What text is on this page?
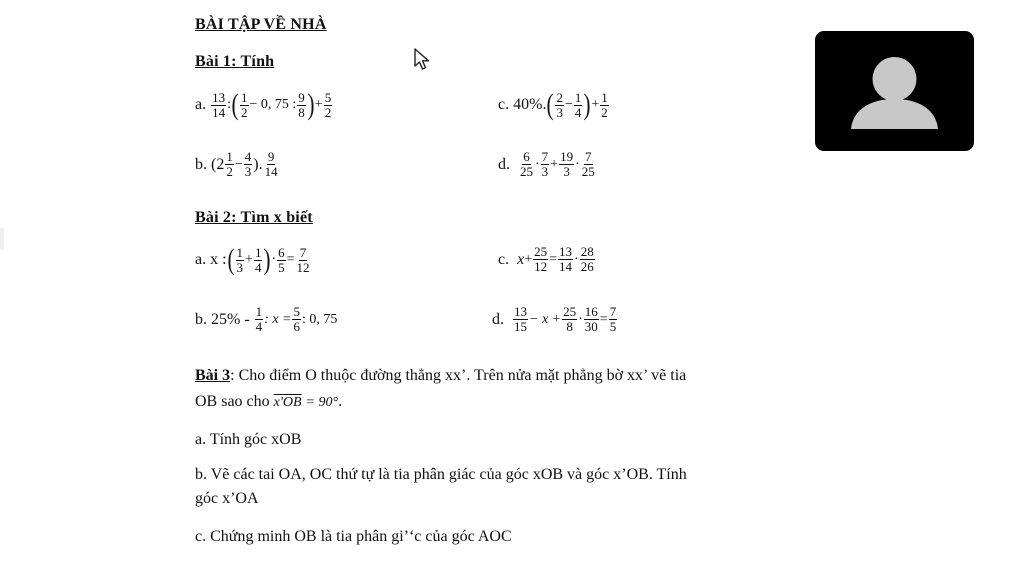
BÀI TẬP VỀ NHÀ
Bài 1: Tính
a. $\frac{13}{14}$ : ( $\frac{1}{2} - 0$, 75 : $\frac{9}{8}$ ) + $\frac{5}{2}$	c. 40%. ( $\frac{2}{3} - \frac{1}{4}$ ) + $\frac{1}{2}$
b. ($2 \frac{1}{2} - \frac{4}{3}$ ). $\frac{9}{14}$	d. $\frac{6}{25} \cdot \frac{7}{3} + \frac{19}{3} \cdot \frac{7}{25}$
Bài 2: Tìm x biết
a. x : ( $\frac{1}{3} + \frac{1}{4}$ ) · $\frac{6}{5} = \frac{7}{12}$	c. $x + \frac{25}{12} = \frac{13}{14} \cdot \frac{28}{26}$
b. $25\% - \frac{1}{4}$ : $x = \frac{5}{6}$ : 0, 75	d. $\frac{13}{15} - x + \frac{25}{8} \cdot \frac{16}{30} = \frac{7}{5}$
Bài 3: Cho điểm O thuộc đường thẳng xx’. Trên nửa mặt phẳng bờ xx’ vẽ tia
OB sao cho x'OB = 90°.
a. Tính góc xOB
b. Vẽ các tai OA, OC thứ tự là tia phân giác của góc xOB và góc x’OB. Tính
góc x’OA
c. Chứng minh OB là tia phân gi’‘c của góc AOC
